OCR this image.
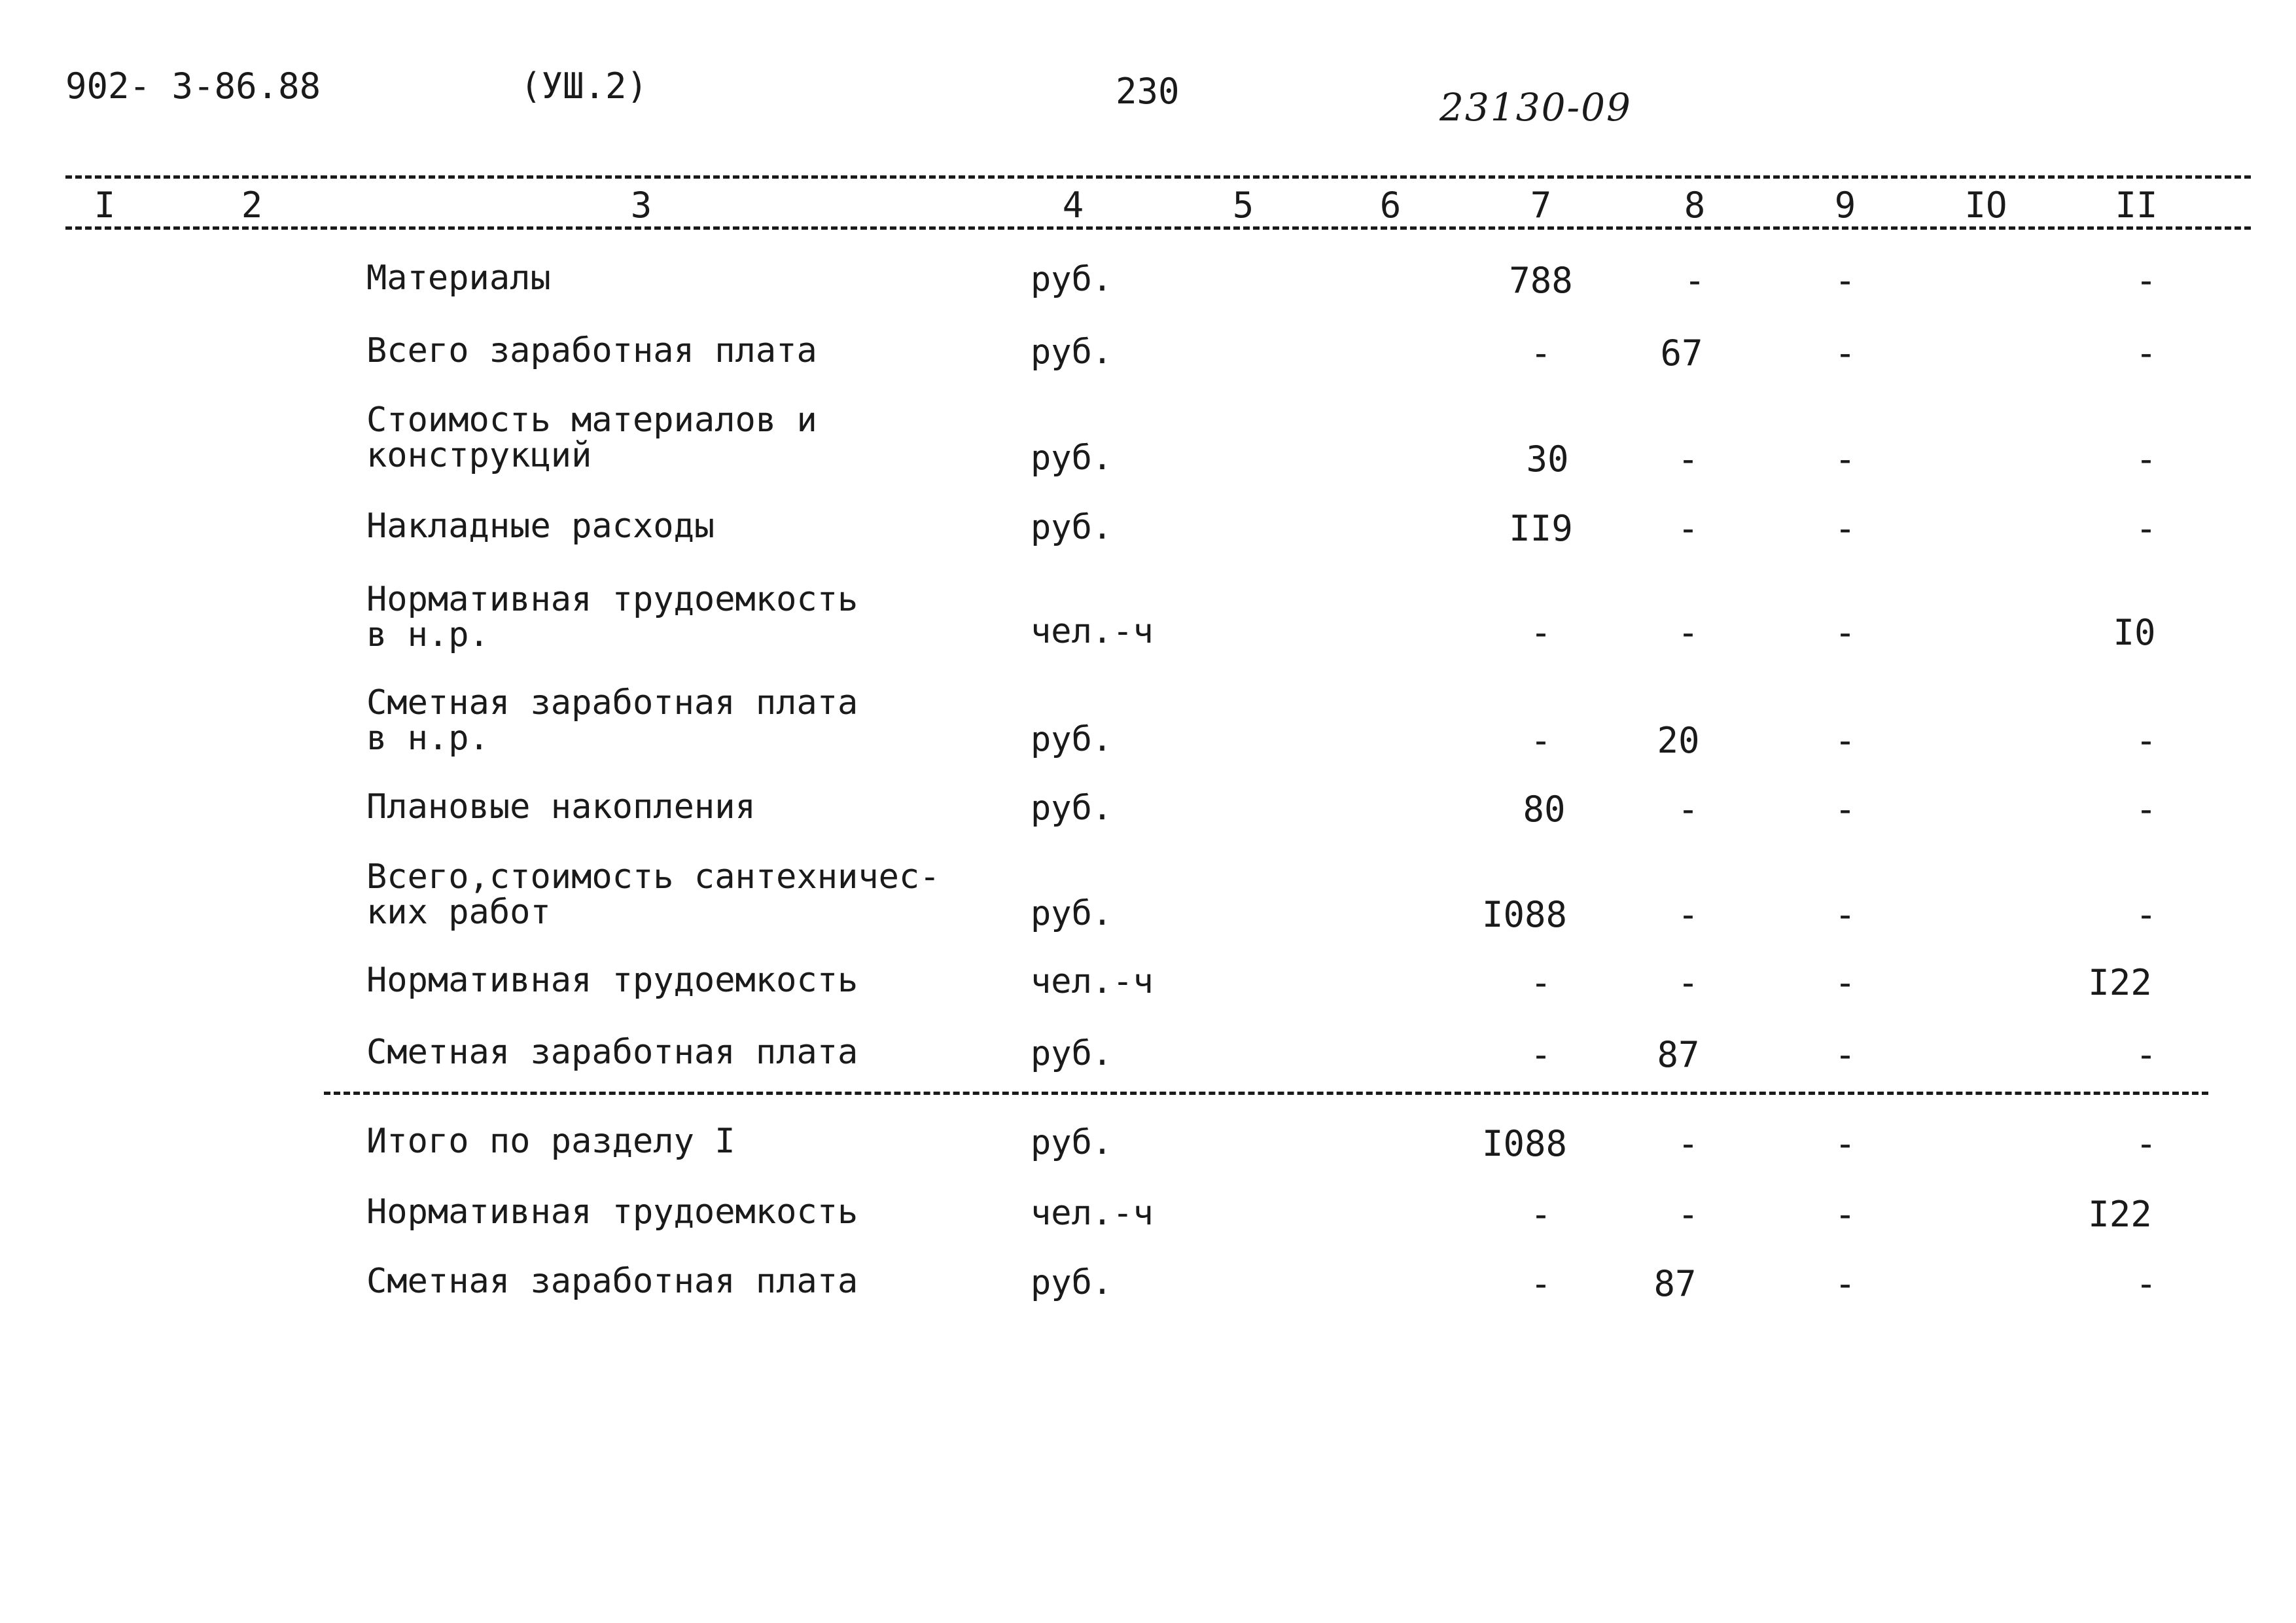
902- 3-86.88	(УШ.2)	230	23130-09
I	2	3	4	5	6	7	8	9	IO	II
Материалы	руб.	788	-	-	-
Всего заработная плата	руб.	-	67	-	-
Стоимость материалов и
конструкций	руб.	30	-	-	-
Накладные расходы	руб.	II9	-	-	-
Нормативная трудоемкость
в н.р.	чел.-ч	-	-	-	I0
Сметная заработная плата
в н.р.	руб.	-	20	-	-
Плановые накопления	руб.	80	-	-	-
Всего,стоимость сантехничес-
ких работ	руб.	I088	-	-	-
Нормативная трудоемкость	чел.-ч	-	-	-	I22
Сметная заработная плата	руб.	-	87	-	-
Итого по разделу I	руб.	I088	-	-	-
Нормативная трудоемкость	чел.-ч	-	-	-	I22
Сметная заработная плата	руб.	-	87	-	-
